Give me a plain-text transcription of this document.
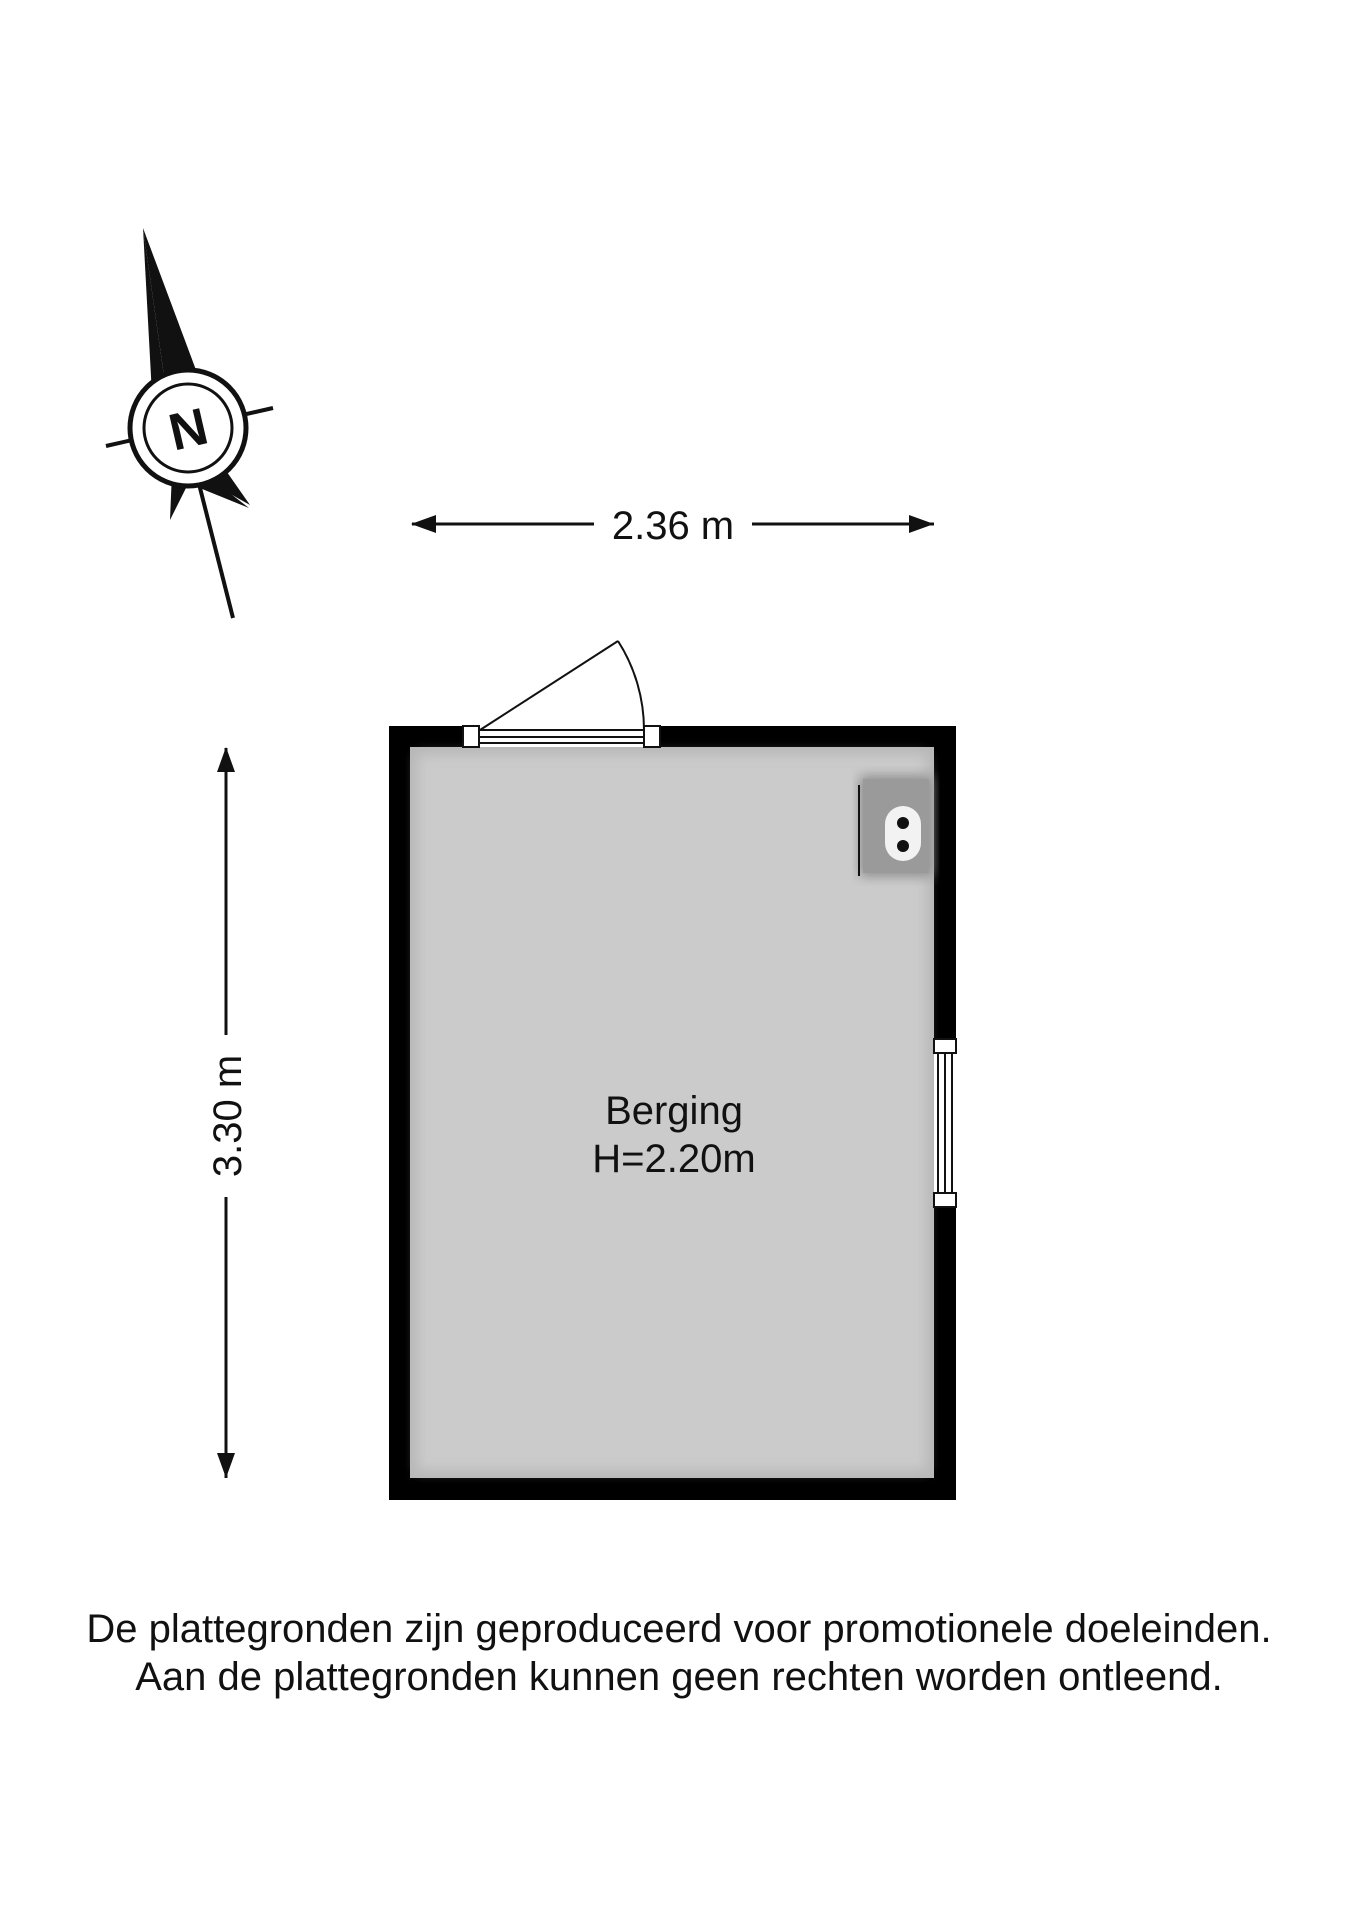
N
2.36 m
3.30 m	Berging
H=2.20m
De plattegronden zijn geproduceerd voor promotionele doeleinden.
Aan de plattegronden kunnen geen rechten worden ontleend.
